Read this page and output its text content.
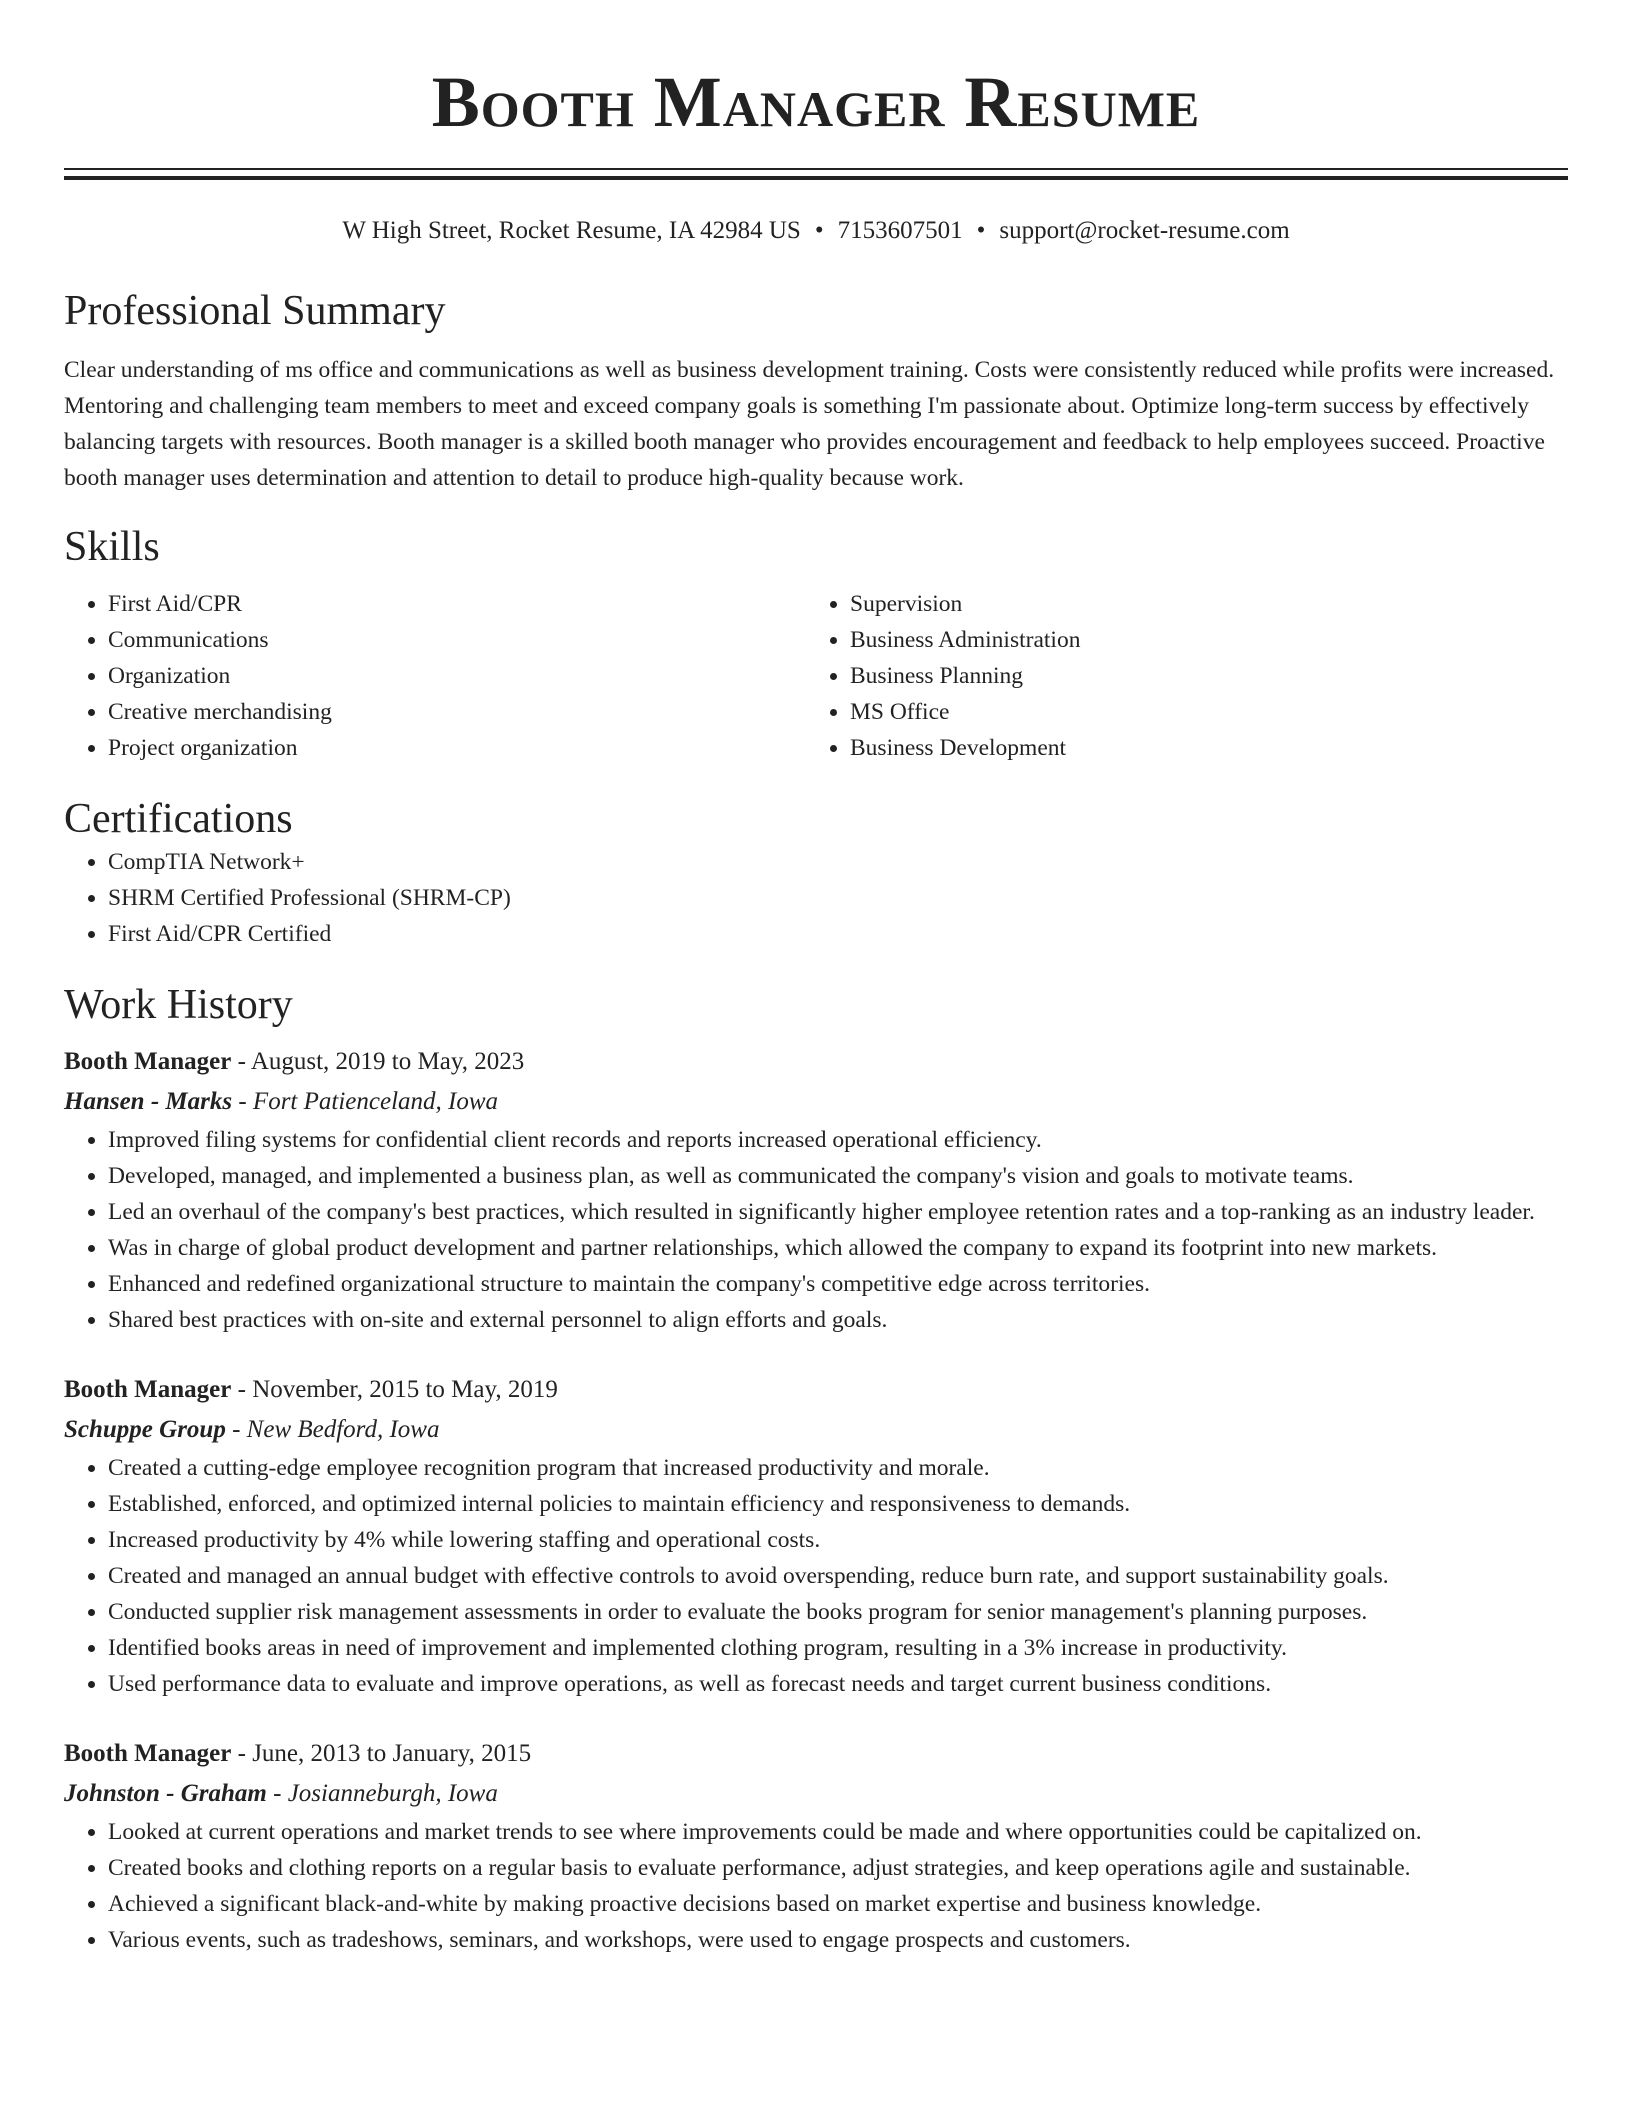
Booth Manager Resume
W High Street, Rocket Resume, IA 42984 US • 7153607501 • support@rocket-resume.com
Professional Summary

Clear understanding of ms office and communications as well as business development training. Costs were consistently reduced while profits were increased. Mentoring and challenging team members to meet and exceed company goals is something I'm passionate about. Optimize long-term success by effectively balancing targets with resources. Booth manager is a skilled booth manager who provides encouragement and feedback to help employees succeed. Proactive booth manager uses determination and attention to detail to produce high-quality because work.

Skills
• First Aid/CPR
• Communications
• Organization
• Creative merchandising
• Project organization
• Supervision
• Business Administration
• Business Planning
• MS Office
• Business Development
Certifications
• CompTIA Network+
• SHRM Certified Professional (SHRM-CP)
• First Aid/CPR Certified
Work History
Booth Manager - August, 2019 to May, 2023
Hansen - Marks - Fort Patienceland, Iowa
• Improved filing systems for confidential client records and reports increased operational efficiency.
• Developed, managed, and implemented a business plan, as well as communicated the company's vision and goals to motivate teams.
• Led an overhaul of the company's best practices, which resulted in significantly higher employee retention rates and a top-ranking as an industry leader.
• Was in charge of global product development and partner relationships, which allowed the company to expand its footprint into new markets.
• Enhanced and redefined organizational structure to maintain the company's competitive edge across territories.
• Shared best practices with on-site and external personnel to align efforts and goals.
Booth Manager - November, 2015 to May, 2019
Schuppe Group - New Bedford, Iowa
• Created a cutting-edge employee recognition program that increased productivity and morale.
• Established, enforced, and optimized internal policies to maintain efficiency and responsiveness to demands.
• Increased productivity by 4% while lowering staffing and operational costs.
• Created and managed an annual budget with effective controls to avoid overspending, reduce burn rate, and support sustainability goals.
• Conducted supplier risk management assessments in order to evaluate the books program for senior management's planning purposes.
• Identified books areas in need of improvement and implemented clothing program, resulting in a 3% increase in productivity.
• Used performance data to evaluate and improve operations, as well as forecast needs and target current business conditions.
Booth Manager - June, 2013 to January, 2015
Johnston - Graham - Josianneburgh, Iowa
• Looked at current operations and market trends to see where improvements could be made and where opportunities could be capitalized on.
• Created books and clothing reports on a regular basis to evaluate performance, adjust strategies, and keep operations agile and sustainable.
• Achieved a significant black-and-white by making proactive decisions based on market expertise and business knowledge.
• Various events, such as tradeshows, seminars, and workshops, were used to engage prospects and customers.
